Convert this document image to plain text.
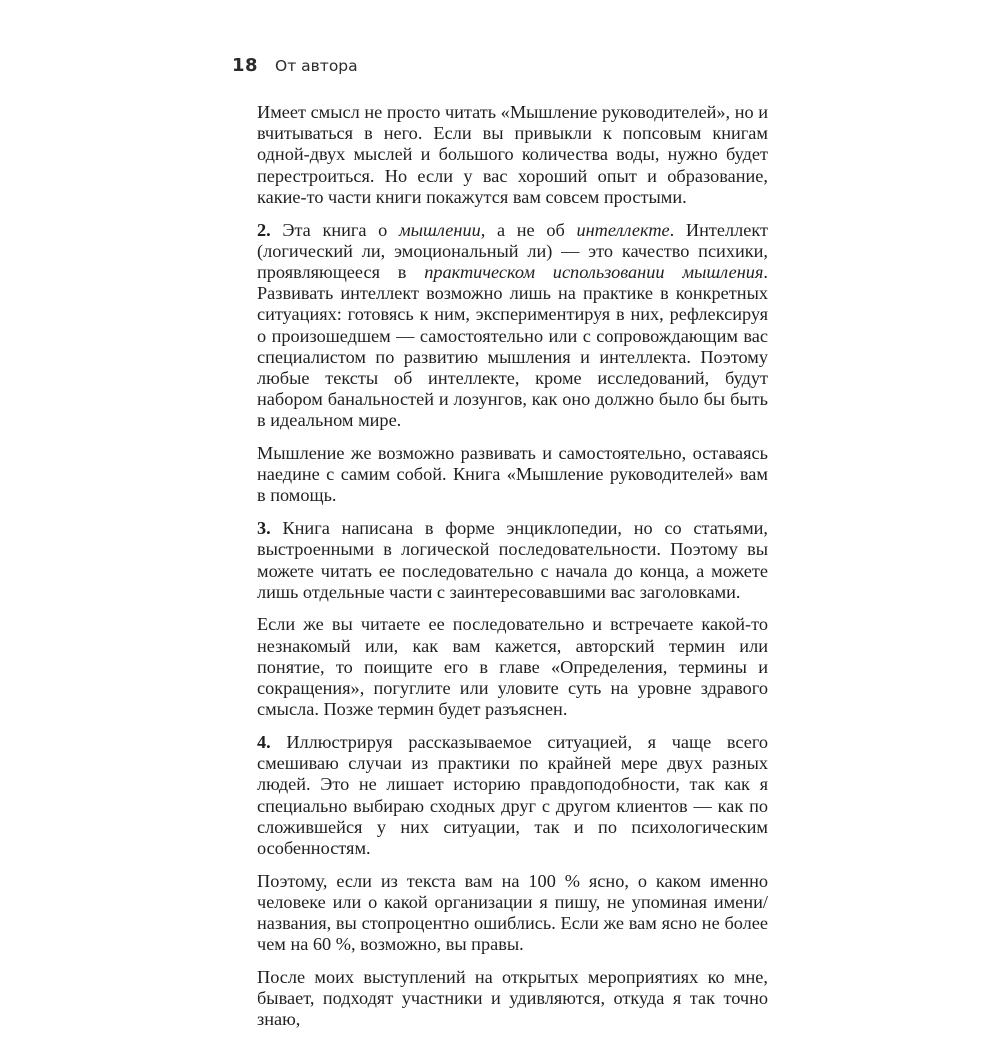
18	От автора

Имеет смысл не просто читать «Мышление руководителей», но и вчитываться в него. Если вы привыкли к попсовым книгам одной-двух мыслей и большого количества воды, нужно будет перестроиться. Но если у вас хороший опыт и образование, какие-то части книги покажутся вам совсем простыми.

2. Эта книга о мышлении, а не об интеллекте. Интеллект (логический ли, эмоциональный ли) — это качество психики, проявляющееся в практическом использовании мышления. Развивать интеллект возможно лишь на практике в конкретных ситуациях: готовясь к ним, экспериментируя в них, рефлексируя о произошедшем — самостоятельно или с сопровождающим вас специалистом по развитию мышления и интеллекта. Поэтому любые тексты об интеллекте, кроме исследований, будут набором банальностей и лозунгов, как оно должно было бы быть в идеальном мире.

Мышление же возможно развивать и самостоятельно, оставаясь наедине с самим собой. Книга «Мышление руководителей» вам в помощь.

3. Книга написана в форме энциклопедии, но со статьями, выстроенными в логической последовательности. Поэтому вы можете читать ее последовательно с начала до конца, а можете лишь отдельные части с заинтересовавшими вас заголовками.

Если же вы читаете ее последовательно и встречаете какой-то незнакомый или, как вам кажется, авторский термин или понятие, то поищите его в главе «Определения, термины и сокращения», погуглите или уловите суть на уровне здравого смысла. Позже термин будет разъяснен.

4. Иллюстрируя рассказываемое ситуацией, я чаще всего смешиваю случаи из практики по крайней мере двух разных людей. Это не лишает историю правдоподобности, так как я специально выбираю сходных друг с другом клиентов — как по сложившейся у них ситуации, так и по психологическим особенностям.

Поэтому, если из текста вам на 100 % ясно, о каком именно человеке или о какой организации я пишу, не упоминая имени/названия, вы стопроцентно ошиблись. Если же вам ясно не более чем на 60 %, возможно, вы правы.

После моих выступлений на открытых мероприятиях ко мне, бывает, подходят участники и удивляются, откуда я так точно знаю,
